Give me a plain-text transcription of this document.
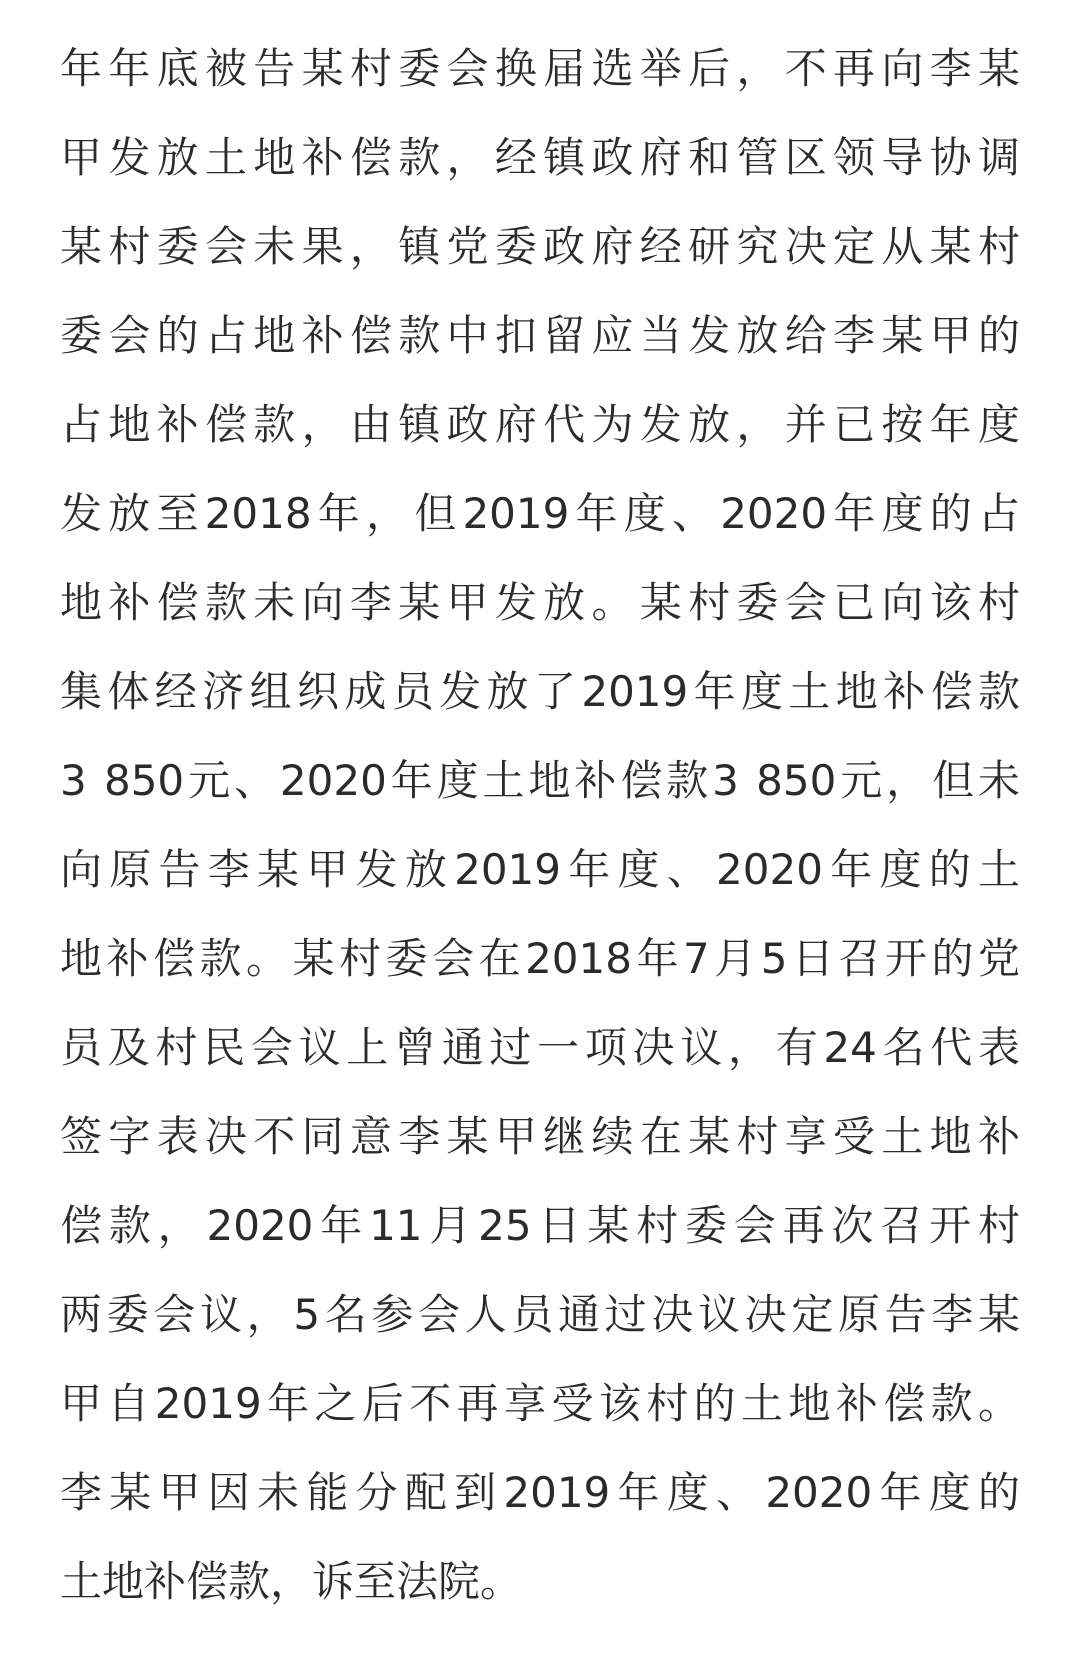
年年底被告某村委会换届选举后，不再向李某
甲发放土地补偿款，经镇政府和管区领导协调
某村委会未果，镇党委政府经研究决定从某村
委会的占地补偿款中扣留应当发放给李某甲的
占地补偿款，由镇政府代为发放，并已按年度
发放至2018年，但2019年度、2020年度的占
地补偿款未向李某甲发放。某村委会已向该村
集体经济组织成员发放了2019年度土地补偿款
3 850元、2020年度土地补偿款3 850元，但未
向原告李某甲发放2019年度、2020年度的土
地补偿款。某村委会在2018年7月5日召开的党
员及村民会议上曾通过一项决议，有24名代表
签字表决不同意李某甲继续在某村享受土地补
偿款，2020年11月25日某村委会再次召开村
两委会议，5名参会人员通过决议决定原告李某
甲自2019年之后不再享受该村的土地补偿款。
李某甲因未能分配到2019年度、2020年度的
土地补偿款，诉至法院。
